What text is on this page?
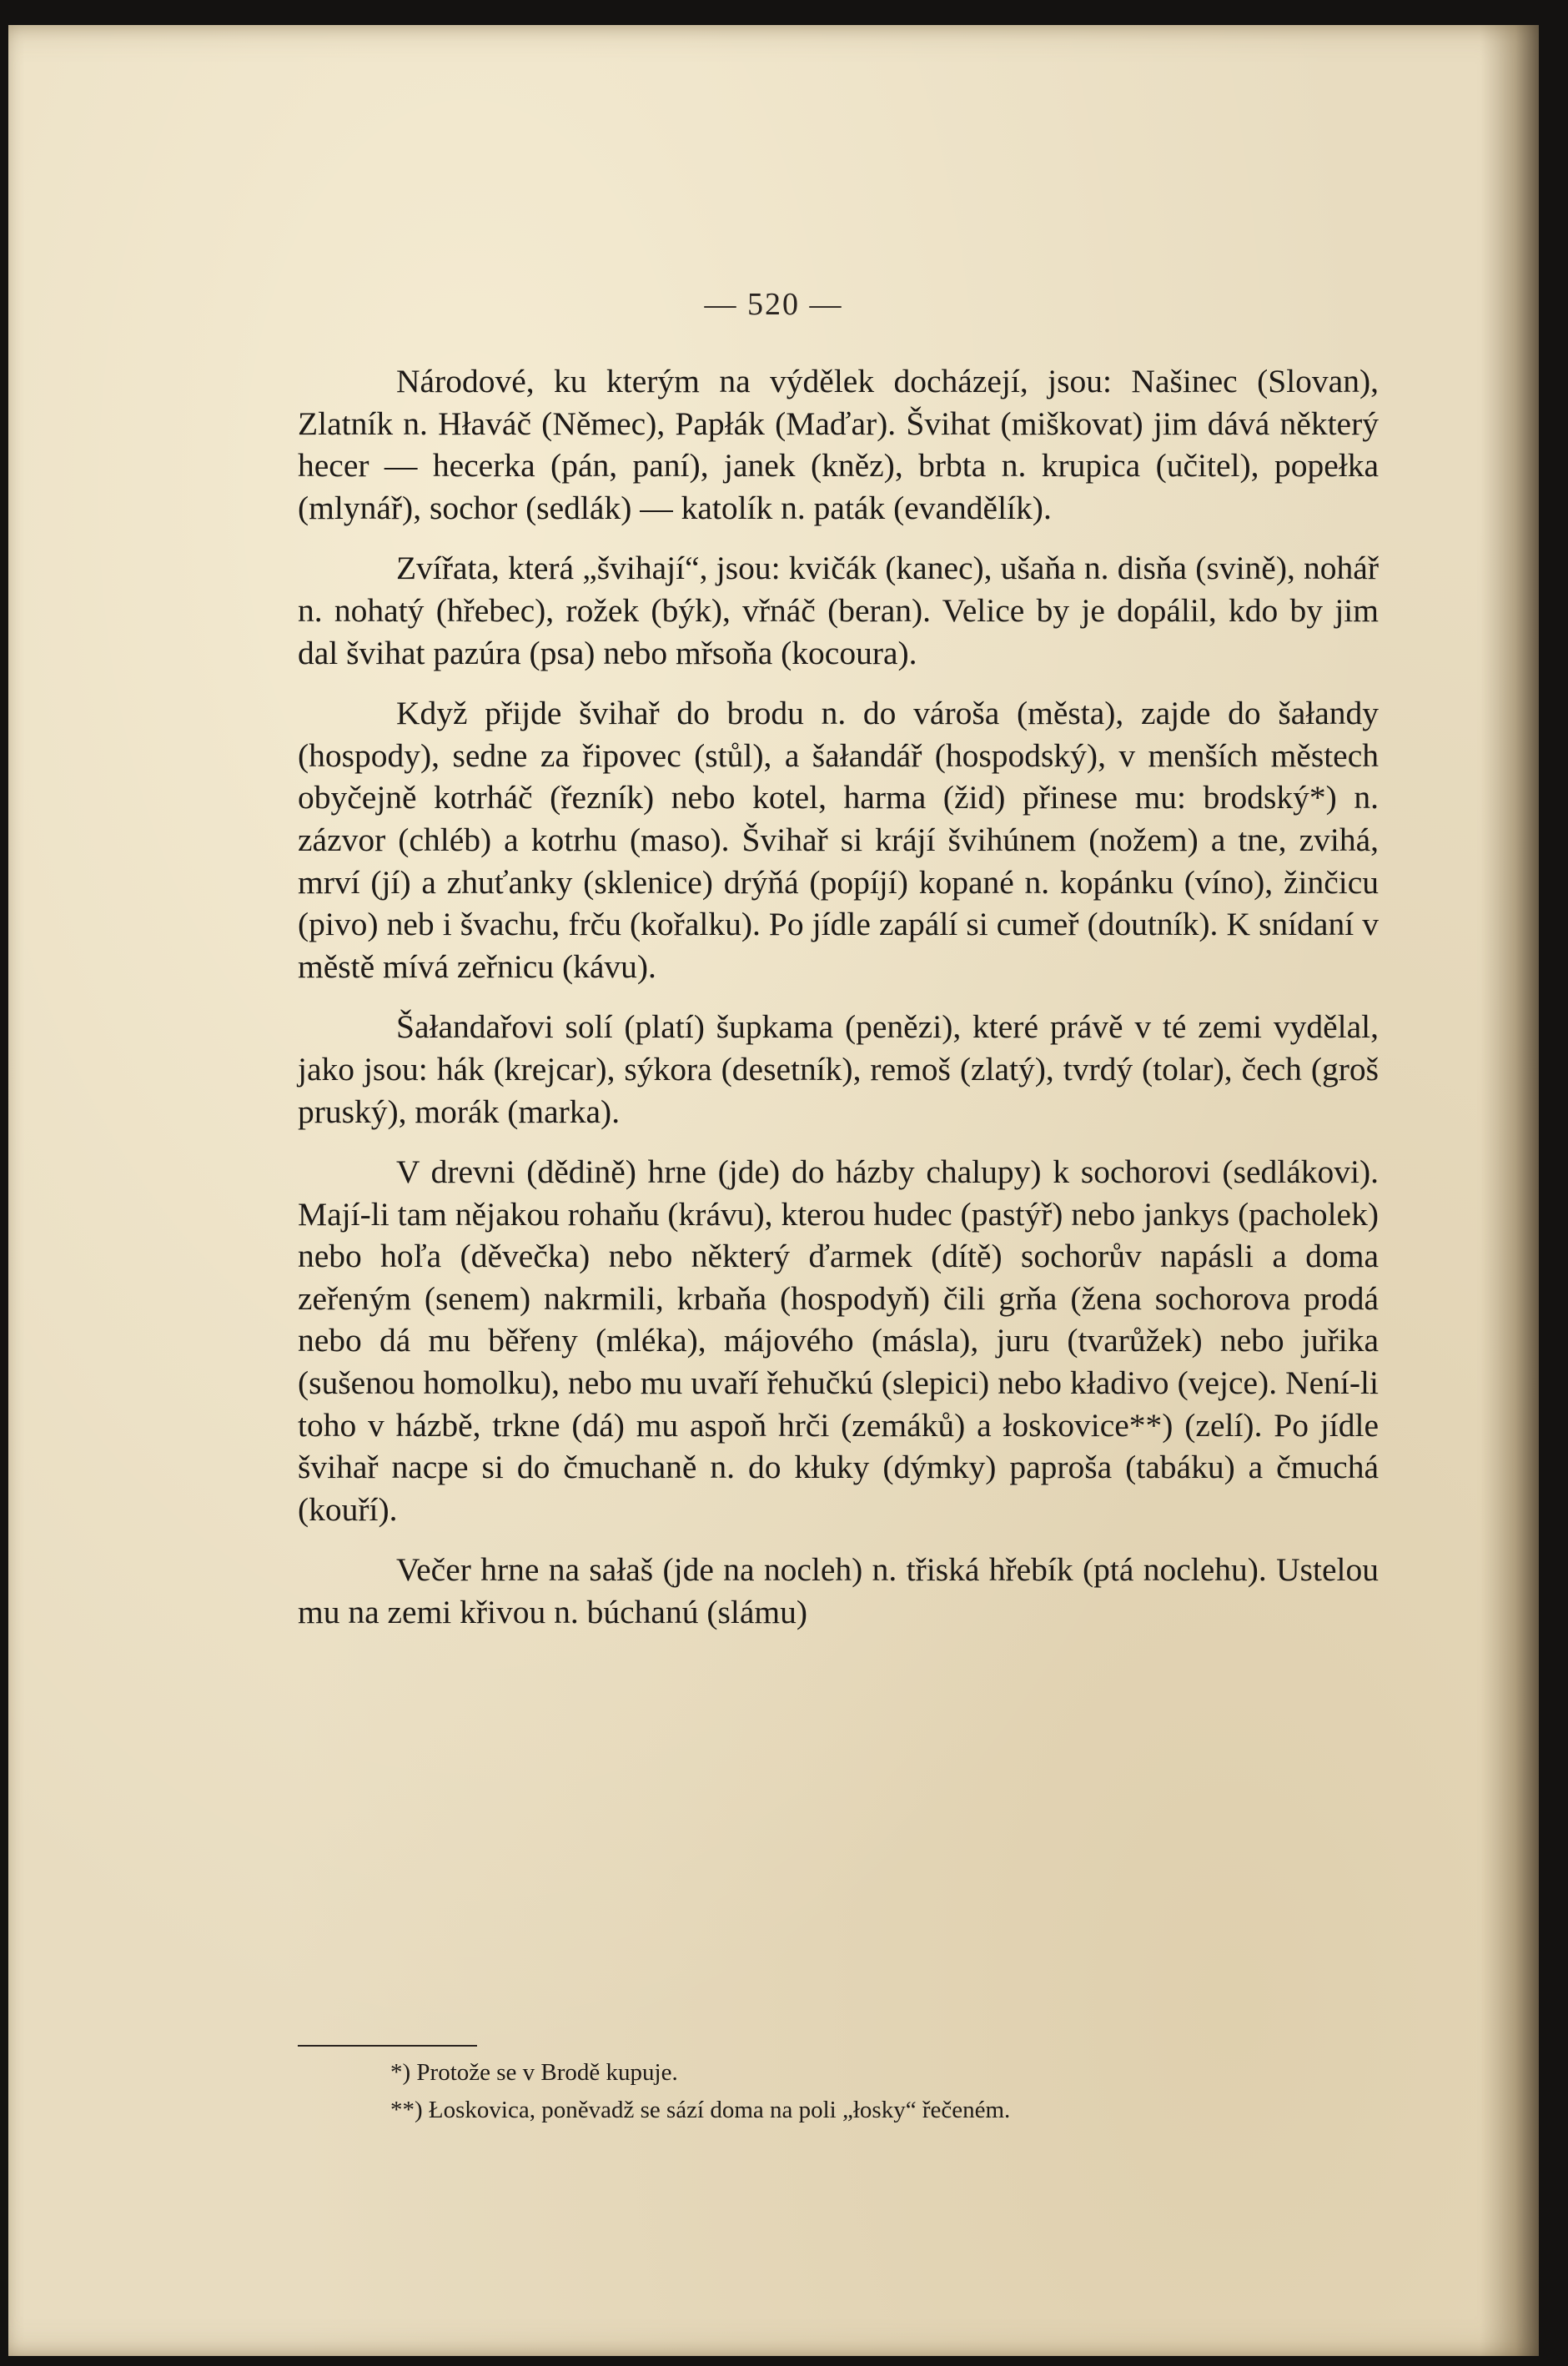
— 520 —

Národové, ku kterým na výdělek docházejí, jsou: Našinec (Slovan), Zlatník n. Hłaváč (Němec), Papłák (Maďar). Švihat (miškovat) jim dává některý hecer — hecerka (pán, paní), janek (kněz), brbta n. krupica (učitel), popełka (mlynář), sochor (sedlák) — katolík n. paták (evandělík).

Zvířata, která „švihají“, jsou: kvičák (kanec), ušaňa n. disňa (svině), nohář n. nohatý (hřebec), rožek (býk), vřnáč (beran). Velice by je dopálil, kdo by jim dal švihat pazúra (psa) nebo mřsoňa (kocoura).

Když přijde švihař do brodu n. do vároša (města), zajde do šałandy (hospody), sedne za řipovec (stůl), a šałandář (hospodský), v menších městech obyčejně kotrháč (řezník) nebo kotel, harma (žid) přinese mu: brodský*) n. zázvor (chléb) a kotrhu (maso). Švihař si krájí švihúnem (nožem) a tne, zvihá, mrví (jí) a zhuťanky (sklenice) drýňá (popíjí) kopané n. kopánku (víno), žinčicu (pivo) neb i švachu, frču (kořalku). Po jídle zapálí si cumeř (doutník). K snídaní v městě mívá zeřnicu (kávu).

Šałandařovi solí (platí) šupkama (penězi), které právě v té zemi vydělal, jako jsou: hák (krejcar), sýkora (desetník), remoš (zlatý), tvrdý (tolar), čech (groš pruský), morák (marka).

V drevni (dědině) hrne (jde) do házby chalupy) k sochorovi (sedlákovi). Mají-li tam nějakou rohaňu (krávu), kterou hudec (pastýř) nebo jankys (pacholek) nebo hoľa (děvečka) nebo některý ďarmek (dítě) sochorův napásli a doma zeřeným (senem) nakrmili, krbaňa (hospodyň) čili grňa (žena sochorova prodá nebo dá mu běřeny (mléka), májového (másla), juru (tvarůžek) nebo juřika (sušenou homolku), nebo mu uvaří řehučkú (slepici) nebo kładivo (vejce). Není-li toho v házbě, trkne (dá) mu aspoň hrči (zemáků) a łoskovice**) (zelí). Po jídle švihař nacpe si do čmuchaně n. do kłuky (dýmky) paproša (tabáku) a čmuchá (kouří).

Večer hrne na sałaš (jde na nocleh) n. třiská hřebík (ptá noclehu). Ustelou mu na zemi křivou n. búchanú (slámu)

*) Protože se v Brodě kupuje.
**) Łoskovica, poněvadž se sází doma na poli „łosky“ řečeném.
